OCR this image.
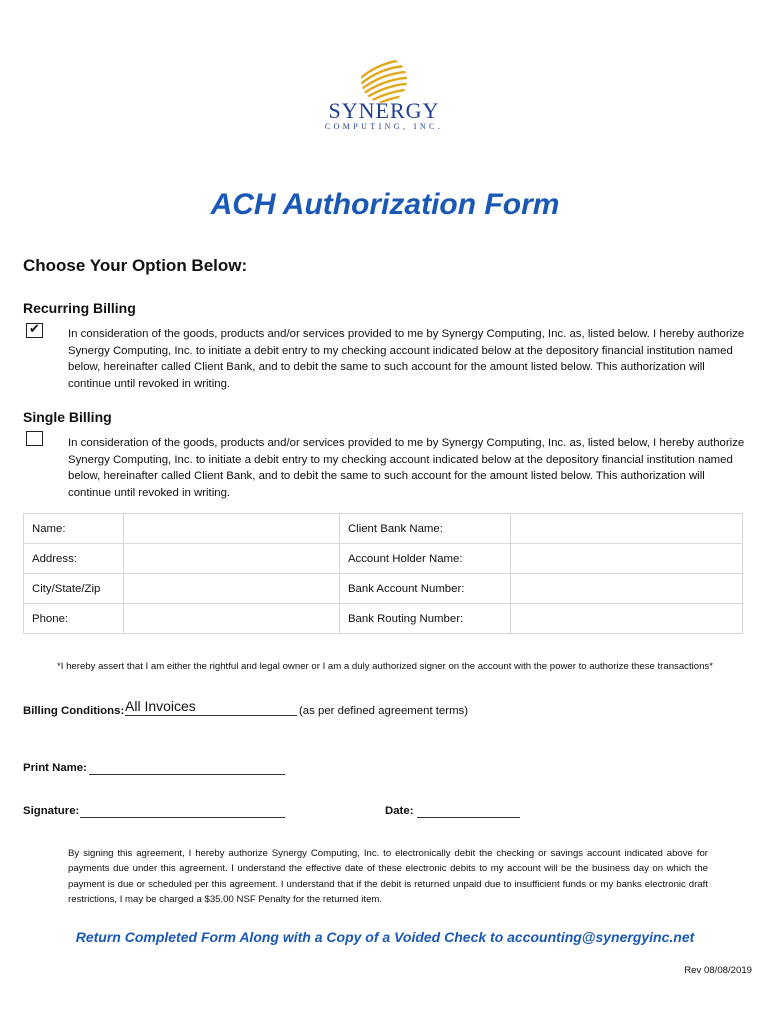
SYNERGY
COMPUTING, INC.
ACH Authorization Form
Choose Your Option Below:
Recurring Billing
✔ In consideration of the goods, products and/or services provided to me by Synergy Computing, Inc. as, listed below. I hereby authorize Synergy Computing, Inc. to initiate a debit entry to my checking account indicated below at the depository financial institution named below, hereinafter called Client Bank, and to debit the same to such account for the amount listed below. This authorization will continue until revoked in writing.
Single Billing
In consideration of the goods, products and/or services provided to me by Synergy Computing, Inc. as, listed below, I hereby authorize Synergy Computing, Inc. to initiate a debit entry to my checking account indicated below at the depository financial institution named below, hereinafter called Client Bank, and to debit the same to such account for the amount listed below. This authorization will continue until revoked in writing.
Name:		Client Bank Name:	
Address:		Account Holder Name:	
City/State/Zip		Bank Account Number:	
Phone:		Bank Routing Number:	
*I hereby assert that I am either the rightful and legal owner or I am a duly authorized signer on the account with the power to authorize these transactions*
Billing Conditions: All Invoices	(as per defined agreement terms)
Print Name:
Signature:	Date:
By signing this agreement, I hereby authorize Synergy Computing, Inc. to electronically debit the checking or savings account indicated above for payments due under this agreement. I understand the effective date of these electronic debits to my account will be the business day on which the payment is due or scheduled per this agreement. I understand that if the debit is returned unpaid due to insufficient funds or my banks electronic draft restrictions, I may be charged a $35.00 NSF Penalty for the returned item.
Return Completed Form Along with a Copy of a Voided Check to accounting@synergyinc.net
Rev 08/08/2019
